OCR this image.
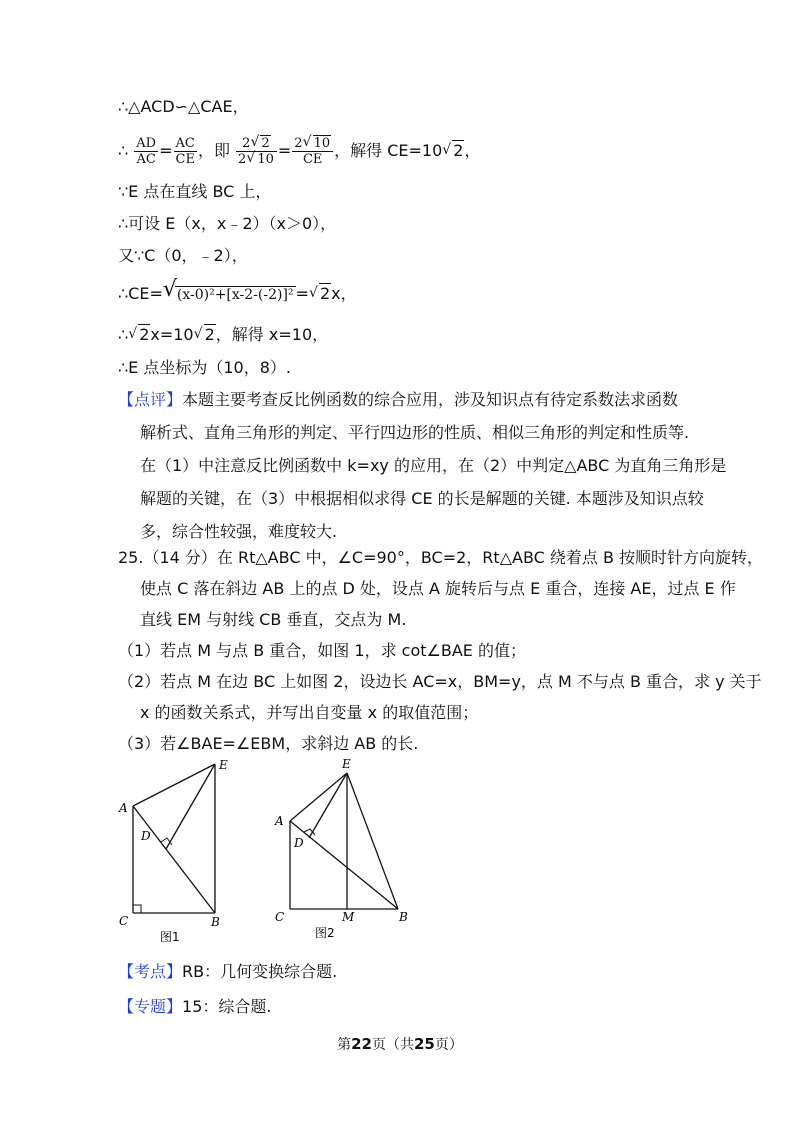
∴△ACD∽△CAE，
∴ $\frac{AD}{AC} = \frac{AC}{CE}$ ，即 $\frac{2 √ 2}{2 √ 10} = \frac{2 √ 10}{CE}$ ，解得 CE=10 √ 2，
∵E 点在直线 BC 上，
∴可设 E（x，x﹣2）（x＞0），
又∵C（0，﹣2），
∴CE= √ (x-0)²+[x-2-(-2)]² = √ 2x，
∴ √ 2x=10 √ 2，解得 x=10，
∴E 点坐标为（10，8）.
【点评】本题主要考查反比例函数的综合应用，涉及知识点有待定系数法求函数
解析式、直角三角形的判定、平行四边形的性质、相似三角形的判定和性质等.
在（1）中注意反比例函数中 k=xy 的应用，在（2）中判定△ABC 为直角三角形是
解题的关键，在（3）中根据相似求得 CE 的长是解题的关键. 本题涉及知识点较
多，综合性较强，难度较大.
25.（14 分）在 Rt△ABC 中，∠C=90°，BC=2，Rt△ABC 绕着点 B 按顺时针方向旋转，
使点 C 落在斜边 AB 上的点 D 处，设点 A 旋转后与点 E 重合，连接 AE，过点 E 作
直线 EM 与射线 CB 垂直，交点为 M.
（1）若点 M 与点 B 重合，如图 1，求 cot∠BAE 的值；
（2）若点 M 在边 BC 上如图 2，设边长 AC=x，BM=y，点 M 不与点 B 重合，求 y 关于
x 的函数关系式，并写出自变量 x 的取值范围；
（3）若∠BAE=∠EBM，求斜边 AB 的长.
A
E
D
C	B
图1
A
E
D
C	M	B
图2
【考点】RB：几何变换综合题.
【专题】15：综合题.
第22页（共25页）
